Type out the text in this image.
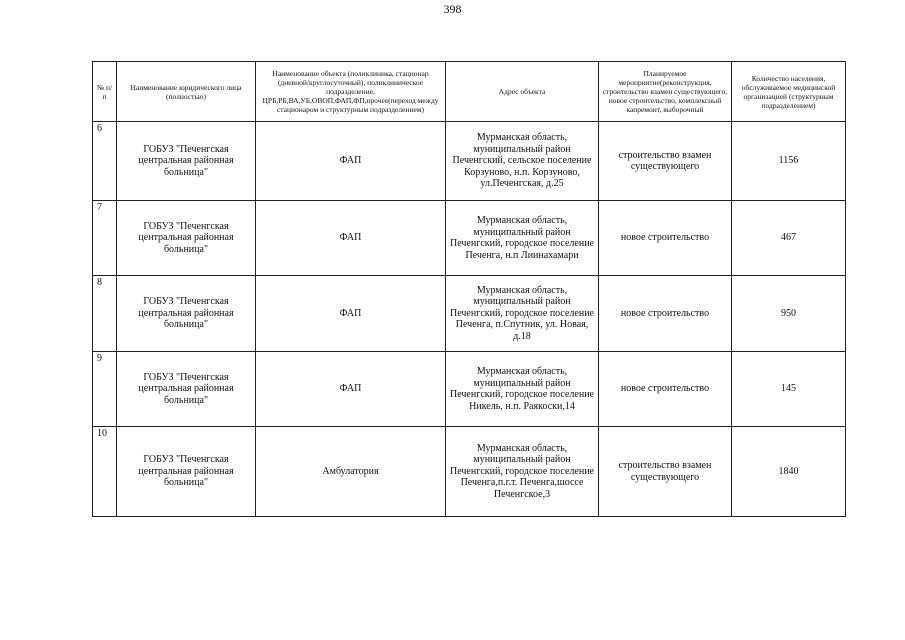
398
№ п/п	Наименование юридического лица (полностью)	Наименование объекта (поликлиника, стационар (дневной/круглосуточный), поликлиническое подразделение, ЦРБ,РБ,ВА,УБ,ОВОП,ФАП,ФП,прочее(переход между стационаром и структурным подразделением)	Адрес объекта	Планируемое мероприятие(реконструкция, строительство взамен существующего, новое строительство, комплексный капремонт, выборочный	Количество населения, обслуживаемое медицинской организацией (структурным подразделением)
6	ГОБУЗ "Печенгская центральная районная больница"	ФАП	Мурманская область, муниципальный район Печенгский, сельское поселение Корзуново, н.п. Корзуново, ул.Печенгская, д.25	строительство взамен существующего	1156
7	ГОБУЗ "Печенгская центральная районная больница"	ФАП	Мурманская область, муниципальный район Печенгский, городское поселение Печенга, н.п Лиинахамари	новое строительство	467
8	ГОБУЗ "Печенгская центральная районная больница"	ФАП	Мурманская область, муниципальный район Печенгский, городское поселение Печенга, п.Спутник, ул. Новая, д.18	новое строительство	950
9	ГОБУЗ "Печенгская центральная районная больница"	ФАП	Мурманская область, муниципальный район Печенгский, городское поселение Никель, н.п. Раякоски,14	новое строительство	145
10	ГОБУЗ "Печенгская центральная районная больница"	Амбулатория	Мурманская область, муниципальный район Печенгский, городское поселение Печенга,п.г.т. Печенга,шоссе Печенгское,3	строительство взамен существующего	1840
